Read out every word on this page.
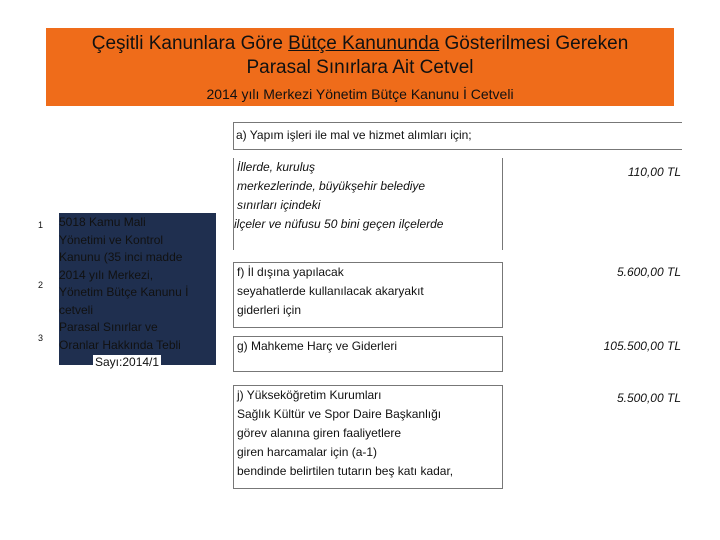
Çeşitli Kanunlara Göre Bütçe Kanununda Gösterilmesi Gereken
Parasal Sınırlara Ait Cetvel
2014 yılı Merkezi Yönetim Bütçe Kanunu İ Cetveli
a) Yapım işleri ile mal ve hizmet alımları için;
5018 Kamu Mali
Yönetimi ve Kontrol
Kanunu (35 inci madde
2014 yılı Merkezi,
Yönetim Bütçe Kanunu İ
cetveli
Parasal Sınırlar ve
Oranlar Hakkında Tebli
Sayı:2014/1
1
2
3
İllerde, kuruluş
merkezlerinde, büyükşehir belediye
sınırları içindeki
ilçeler ve nüfusu 50 bini geçen ilçelerde
110,00 TL
f) İl dışına yapılacak
seyahatlerde kullanılacak akaryakıt
giderleri için
5.600,00 TL
g) Mahkeme Harç ve Giderleri	105.500,00 TL
j) Yükseköğretim Kurumları
Sağlık Kültür ve Spor Daire Başkanlığı
görev alanına giren faaliyetlere
giren harcamalar için (a-1)
bendinde belirtilen tutarın beş katı kadar,
5.500,00 TL
